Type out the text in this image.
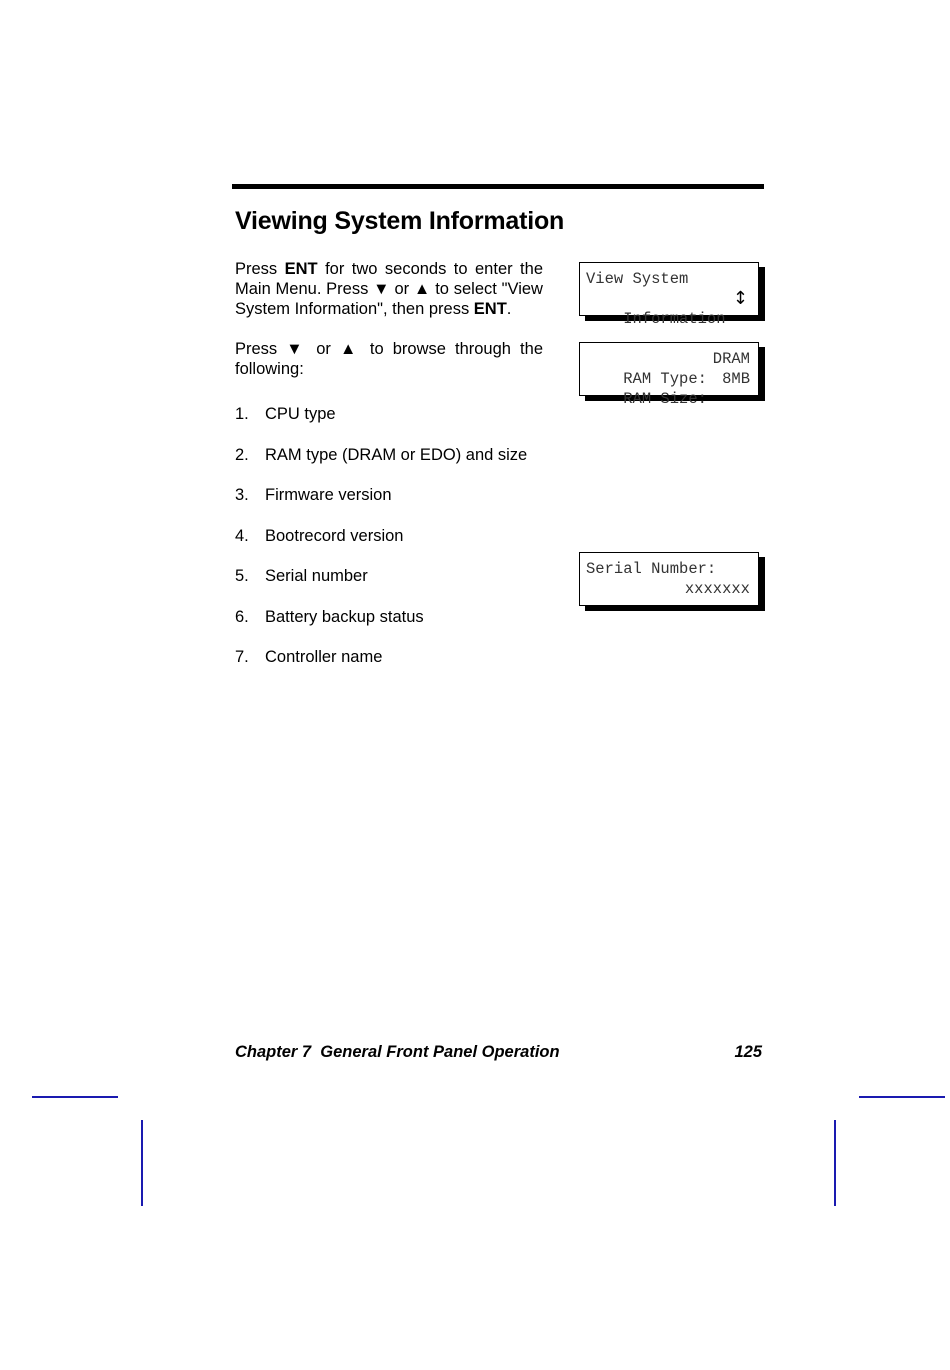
Viewing System Information

Press ENT for two seconds to enter the
Main Menu. Press ▼ or ▲ to select "View
System Information", then press ENT.

Press ▼ or ▲ to browse through the
following:

1. CPU type
2. RAM type (DRAM or EDO) and size
3. Firmware version
4. Bootrecord version
5. Serial number
6. Battery backup status
7. Controller name
View System

Information

↕

RAM Type:

DRAM

RAM Size:

8MB

Serial Number:

xxxxxxx

Chapter 7  General Front Panel Operation	125
